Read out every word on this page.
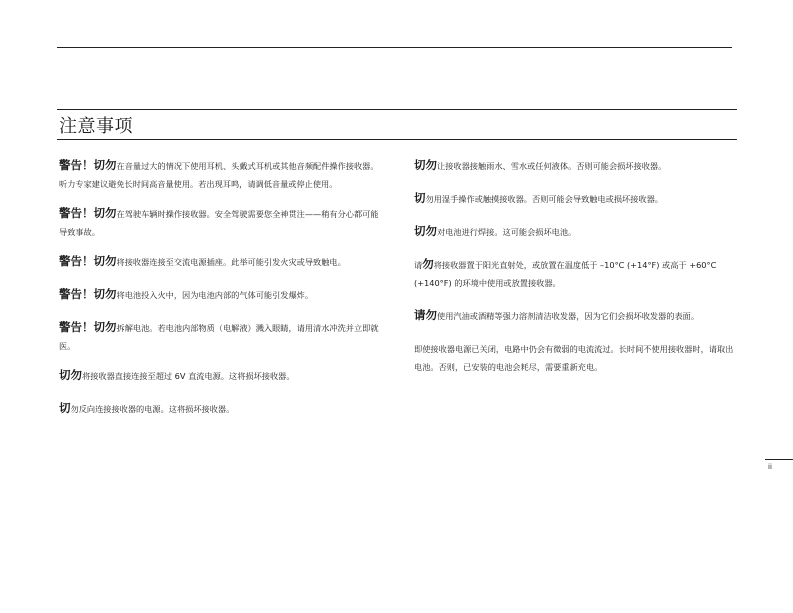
注意事项

警告！切勿在音量过大的情况下使用耳机、头戴式耳机或其他音频配件操作接收器。听力专家建议避免长时间高音量使用。若出现耳鸣，请调低音量或停止使用。

警告！切勿在驾驶车辆时操作接收器。安全驾驶需要您全神贯注——稍有分心都可能导致事故。

警告！切勿将接收器连接至交流电源插座。此举可能引发火灾或导致触电。

警告！切勿将电池投入火中，因为电池内部的气体可能引发爆炸。

警告！切勿拆解电池。若电池内部物质（电解液）溅入眼睛，请用清水冲洗并立即就医。

切勿将接收器直接连接至超过 6V 直流电源。这将损坏接收器。

切勿反向连接接收器的电源。这将损坏接收器。

切勿让接收器接触雨水、雪水或任何液体。否则可能会损坏接收器。

切勿用湿手操作或触摸接收器。否则可能会导致触电或损坏接收器。

切勿对电池进行焊接。这可能会损坏电池。

请勿将接收器置于阳光直射处，或放置在温度低于 –10°C (+14°F) 或高于 +60°C (+140°F) 的环境中使用或放置接收器。

请勿使用汽油或酒精等强力溶剂清洁收发器，因为它们会损坏收发器的表面。

即使接收器电源已关闭，电路中仍会有微弱的电流流过。长时间不使用接收器时，请取出电池。否则，已安装的电池会耗尽，需要重新充电。

ii
